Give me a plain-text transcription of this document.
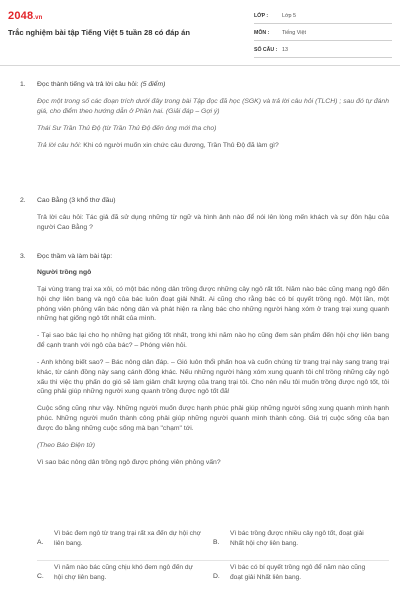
2048.vn
Trắc nghiệm bài tập Tiếng Việt 5 tuần 28 có đáp án
LỚP :	Lớp 5
MÔN :	Tiếng Việt
SỐ CÂU : 13
1. Đọc thành tiếng và trả lời câu hỏi: (5 điểm)

Đọc một trong số các đoạn trích dưới đây trong bài Tập đọc đã học (SGK) và trả lời câu hỏi (TLCH) ; sau đó tự đánh giá, cho điểm theo hướng dẫn ở Phần hai. (Giải đáp – Gợi ý)

Thái Sư Trần Thủ Độ (từ Trần Thủ Độ đến ông mới tha cho)

Trả lời câu hỏi: Khi có người muốn xin chức câu đương, Trần Thủ Độ đã làm gì?

2. Cao Bằng (3 khổ thơ đầu)

Trả lời câu hỏi: Tác giả đã sử dụng những từ ngữ và hình ảnh nào để nói lên lòng mến khách và sự đôn hậu của người Cao Bằng ?

3. Đọc thầm và làm bài tập:

Người trồng ngô

Tại vùng trang trại xa xôi, có một bác nông dân trồng được những cây ngô rất tốt. Năm nào bác cũng mang ngô đến hội chợ liên bang và ngô của bác luôn đoạt giải Nhất. Ai cũng cho rằng bác có bí quyết trồng ngô. Một lần, một phóng viên phỏng vấn bác nông dân và phát hiện ra rằng bác cho những người hàng xóm ở trang trại xung quanh những hạt giống ngô tốt nhất của mình.

- Tại sao bác lại cho họ những hạt giống tốt nhất, trong khi năm nào họ cũng đem sản phẩm đến hội chợ liên bang để cạnh tranh với ngô của bác? – Phóng viên hỏi.

- Anh không biết sao? – Bác nông dân đáp. – Gió luôn thổi phấn hoa và cuốn chúng từ trang trại này sang trang trại khác, từ cánh đồng này sang cánh đồng khác. Nếu những người hàng xóm xung quanh tôi chỉ trồng những cây ngô xấu thì việc thụ phấn do gió sẽ làm giảm chất lượng của trang trại tôi. Cho nên nếu tôi muốn trồng được ngô tốt, tôi cũng phải giúp những người xung quanh trồng được ngô tốt đã!

Cuộc sống cũng như vậy. Những người muốn được hạnh phúc phải giúp những người sống xung quanh mình hạnh phúc. Những người muốn thành công phải giúp những người quanh mình thành công. Giá trị cuộc sống của bạn được đo bằng những cuộc sống mà bạn "chạm" tới.

(Theo Báo Điện tử)

Vì sao bác nông dân trồng ngô được phóng viên phỏng vấn?

A.
Vì bác đem ngô từ trang trại rất xa đến dự hội chợ liên bang.	B.
Vì bác trồng được nhiều cây ngô tốt, đoạt giải Nhất hội chợ liên bang.
C.
Vì năm nào bác cũng chịu khó đem ngô đến dự hội chợ liên bang.	D.
Vì bác có bí quyết trồng ngô để năm nào cũng đoạt giải Nhất liên bang.
